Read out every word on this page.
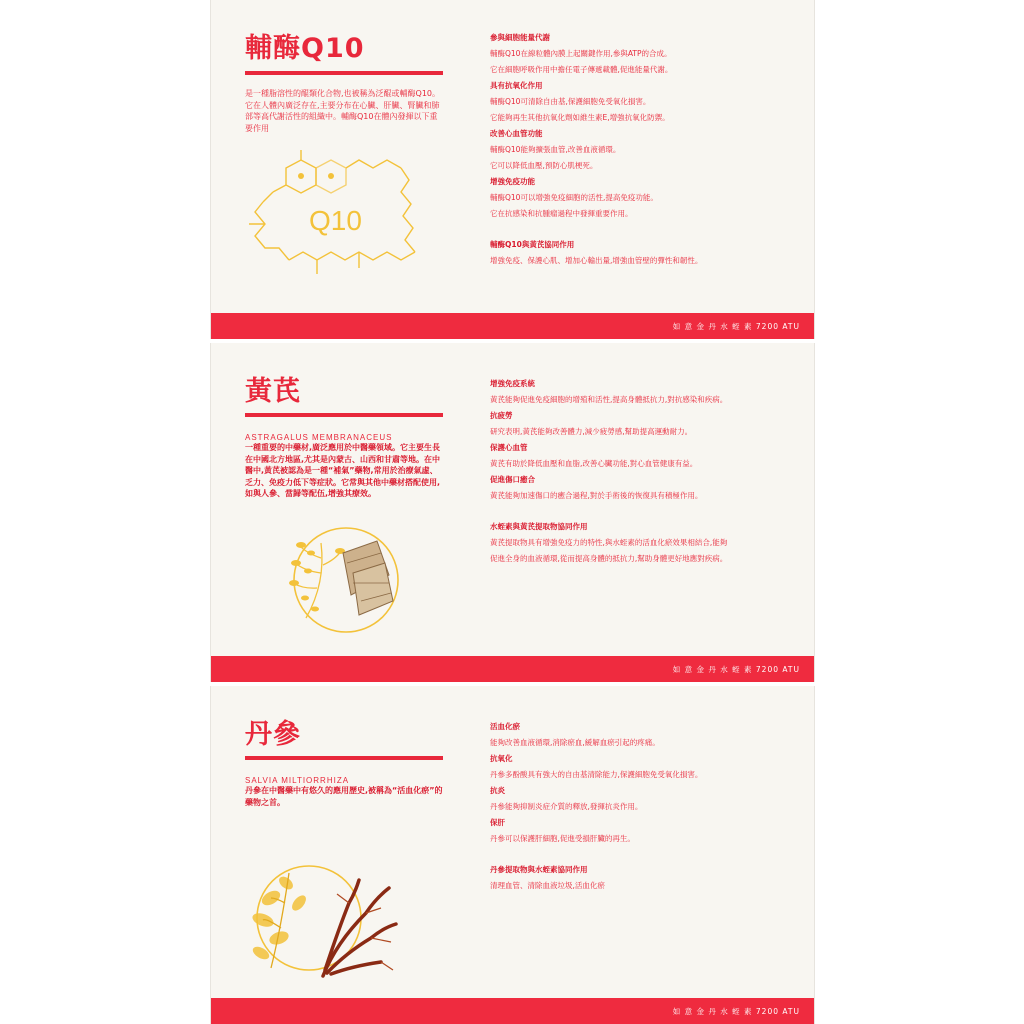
輔酶Q10
是一種脂溶性的醌類化合物,也被稱為泛醌或輔酶Q10。它在人體內廣泛存在,主要分布在心臟、肝臟、腎臟和肺部等高代謝活性的組織中。輔酶Q10在體內發揮以下重要作用
Q10
參與細胞能量代謝
輔酶Q10在線粒體內膜上起關鍵作用,參與ATP的合成。
它在細胞呼吸作用中擔任電子傳遞載體,促進能量代謝。
具有抗氧化作用
輔酶Q10可清除自由基,保護細胞免受氧化損害。
它能夠再生其他抗氧化劑如維生素E,增強抗氧化防禦。
改善心血管功能
輔酶Q10能夠擴張血管,改善血液循環。
它可以降低血壓,預防心肌梗死。
增強免疫功能
輔酶Q10可以增強免疫細胞的活性,提高免疫功能。
它在抗感染和抗腫瘤過程中發揮重要作用。
輔酶Q10與黃芪協同作用
增強免疫、保護心肌、增加心輸出量,增強血管壁的彈性和韌性。
如 意 金 丹 水 蛭 素 7200 ATU
黃芪
ASTRAGALUS MEMBRANACEUS
一種重要的中藥材,廣泛應用於中醫藥領域。它主要生長在中國北方地區,尤其是內蒙古、山西和甘肅等地。在中醫中,黃芪被認為是一種“補氣”藥物,常用於治療氣虛、乏力、免疫力低下等症狀。它常與其他中藥材搭配使用,如與人參、當歸等配伍,增強其療效。
增強免疫系統
黃芪能夠促進免疫細胞的增殖和活性,提高身體抵抗力,對抗感染和疾病。
抗疲勞
研究表明,黃芪能夠改善體力,減少疲勞感,幫助提高運動耐力。
保護心血管
黃芪有助於降低血壓和血脂,改善心臟功能,對心血管健康有益。
促進傷口癒合
黃芪能夠加速傷口的癒合過程,對於手術後的恢復具有積極作用。
水蛭素與黃芪提取物協同作用
黃芪提取物具有增強免疫力的特性,與水蛭素的活血化瘀效果相結合,能夠
促進全身的血液循環,從而提高身體的抵抗力,幫助身體更好地應對疾病。
如 意 金 丹 水 蛭 素 7200 ATU
丹參
SALVIA MILTIORRHIZA
丹參在中醫藥中有悠久的應用歷史,被稱為“活血化瘀”的藥物之首。
活血化瘀
能夠改善血液循環,消除瘀血,緩解血瘀引起的疼痛。
抗氧化
丹參多酚酸具有強大的自由基清除能力,保護細胞免受氧化損害。
抗炎
丹參能夠抑制炎症介質的釋放,發揮抗炎作用。
保肝
丹參可以保護肝細胞,促進受損肝臟的再生。
丹參提取物與水蛭素協同作用
清理血管、清除血液垃圾,活血化瘀
如 意 金 丹 水 蛭 素 7200 ATU
